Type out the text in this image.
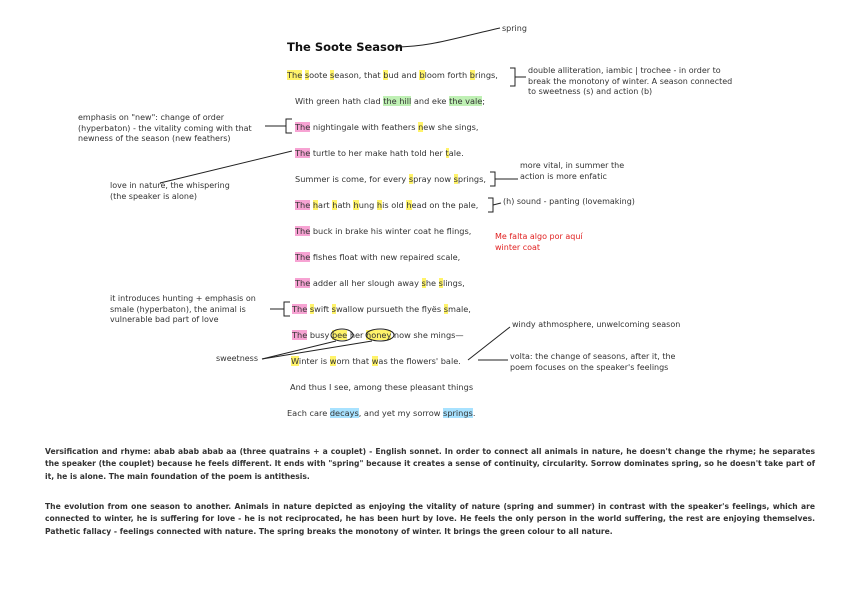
The Soote Season
The soote season, that bud and bloom forth brings,
With green hath clad the hill and eke the vale;
The nightingale with feathers new she sings,
The turtle to her make hath told her tale.
Summer is come, for every spray now springs,
The hart hath hung his old head on the pale,
The buck in brake his winter coat he flings,
The fishes float with new repaired scale,
The adder all her slough away she slings,
The swift swallow pursueth the flyës smale,
The busy bee her honey now she mings—
Winter is worn that was the flowers' bale.
And thus I see, among these pleasant things
Each care decays, and yet my sorrow springs.
spring
double alliteration, iambic | trochee - in order to break the monotony of winter. A season connected to sweetness (s) and action (b)
emphasis on "new": change of order (hyperbaton) - the vitality coming with that newness of the season (new feathers)
love in nature, the whispering (the speaker is alone)
more vital, in summer the action is more enfatic
(h) sound - panting (lovemaking)
Me falta algo por aquí winter coat
it introduces hunting + emphasis on smale (hyperbaton), the animal is vulnerable bad part of love
windy athmosphere, unwelcoming season
sweetness	volta: the change of seasons, after it, the poem focuses on the speaker's feelings
Versification and rhyme: abab abab abab aa (three quatrains + a couplet) - English sonnet. In order to connect all animals in nature, he doesn't change the rhyme; he separates the speaker (the couplet) because he feels different. It ends with "spring" because it creates a sense of continuity, circularity. Sorrow dominates spring, so he doesn't take part of it, he is alone. The main foundation of the poem is antithesis.
The evolution from one season to another. Animals in nature depicted as enjoying the vitality of nature (spring and summer) in contrast with the speaker's feelings, which are connected to winter, he is suffering for love - he is not reciprocated, he has been hurt by love. He feels the only person in the world suffering, the rest are enjoying themselves. Pathetic fallacy - feelings connected with nature. The spring breaks the monotony of winter. It brings the green colour to all nature.
